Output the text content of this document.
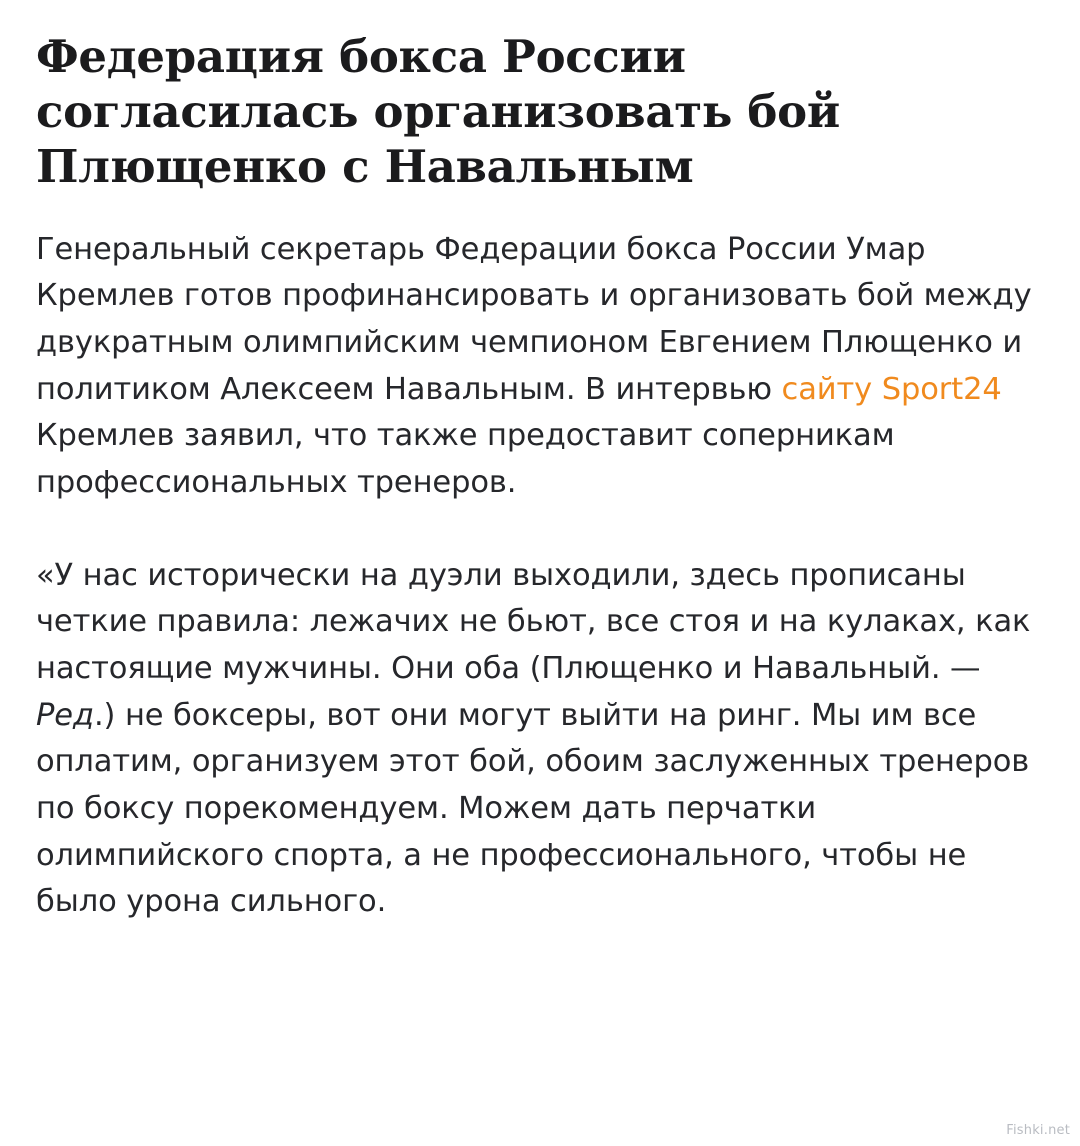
Федерация бокса России согласилась организовать бой Плющенко с Навальным

Генеральный секретарь Федерации бокса России Умар Кремлев готов профинансировать и организовать бой между двукратным олимпийским чемпионом Евгением Плющенко и политиком Алексеем Навальным. В интервью сайту Sport24 Кремлев заявил, что также предоставит соперникам профессиональных тренеров.

«У нас исторически на дуэли выходили, здесь прописаны четкие правила: лежачих не бьют, все стоя и на кулаках, как настоящие мужчины. Они оба (Плющенко и Навальный. — Ред.) не боксеры, вот они могут выйти на ринг. Мы им все оплатим, организуем этот бой, обоим заслуженных тренеров по боксу порекомендуем. Можем дать перчатки олимпийского спорта, а не профессионального, чтобы не было урона сильного.

Fishki.net
